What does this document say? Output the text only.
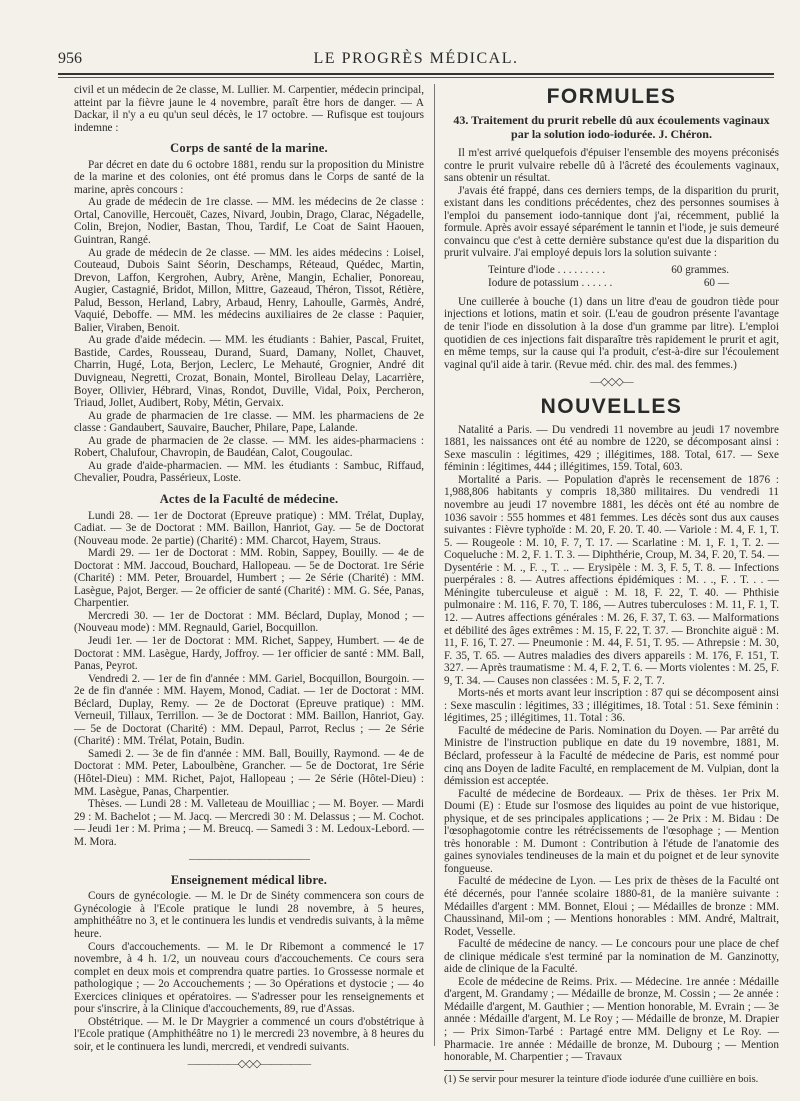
956	LE PROGRÈS MÉDICAL.

civil et un médecin de 2e classe, M. Lullier. M. Carpentier, médecin principal, atteint par la fièvre jaune le 4 novembre, paraît être hors de danger. — A Dackar, il n'y a eu qu'un seul décès, le 17 octobre. — Rufisque est toujours indemne :

Corps de santé de la marine.

Par décret en date du 6 octobre 1881, rendu sur la proposition du Ministre de la marine et des colonies, ont été promus dans le Corps de santé de la marine, après concours :

Au grade de médecin de 1re classe. — MM. les médecins de 2e classe : Ortal, Canoville, Hercouët, Cazes, Nivard, Joubin, Drago, Clarac, Négadelle, Colin, Brejon, Nodier, Bastan, Thou, Tardif, Le Coat de Saint Haouen, Guintran, Rangé.

Au grade de médecin de 2e classe. — MM. les aides médecins : Loisel, Couteaud, Dubois Saint Séorin, Deschamps, Réteaud, Quédec, Martin, Drevon, Laffon, Kergrohen, Aubry, Arène, Mangin, Echalier, Ponoreau, Augier, Castagnié, Bridot, Millon, Mittre, Gazeaud, Théron, Tissot, Rétière, Palud, Besson, Herland, Labry, Arbaud, Henry, Lahoulle, Garmès, André, Vaquié, Deboffe. — MM. les médecins auxiliaires de 2e classe : Paquier, Balier, Viraben, Benoit.

Au grade d'aide médecin. — MM. les étudiants : Bahier, Pascal, Fruitet, Bastide, Cardes, Rousseau, Durand, Suard, Damany, Nollet, Chauvet, Charrin, Hugé, Lota, Berjon, Leclerc, Le Mehauté, Grognier, André dit Duvigneau, Negretti, Crozat, Bonain, Montel, Birolleau Delay, Lacarrière, Boyer, Ollivier, Hébrard, Vinas, Rondot, Duville, Vidal, Poix, Percheron, Triaud, Jollet, Audibert, Roby, Métin, Gervaix.

Au grade de pharmacien de 1re classe. — MM. les pharmaciens de 2e classe : Gandaubert, Sauvaire, Baucher, Philare, Pape, Lalande.

Au grade de pharmacien de 2e classe. — MM. les aides-pharmaciens : Robert, Chalufour, Chavropin, de Baudéan, Calot, Cougoulac.

Au grade d'aide-pharmacien. — MM. les étudiants : Sambuc, Riffaud, Chevalier, Poudra, Passérieux, Loste.

Actes de la Faculté de médecine.

Lundi 28. — 1er de Doctorat (Epreuve pratique) : MM. Trélat, Duplay, Cadiat. — 3e de Doctorat : MM. Baillon, Hanriot, Gay. — 5e de Doctorat (Nouveau mode. 2e partie) (Charité) : MM. Charcot, Hayem, Straus.

Mardi 29. — 1er de Doctorat : MM. Robin, Sappey, Bouilly. — 4e de Doctorat : MM. Jaccoud, Bouchard, Hallopeau. — 5e de Doctorat. 1re Série (Charité) : MM. Peter, Brouardel, Humbert ; — 2e Série (Charité) : MM. Lasègue, Pajot, Berger. — 2e officier de santé (Charité) : MM. G. Sée, Panas, Charpentier.

Mercredi 30. — 1er de Doctorat : MM. Béclard, Duplay, Monod ; — (Nouveau mode) : MM. Regnauld, Gariel, Bocquillon.

Jeudi 1er. — 1er de Doctorat : MM. Richet, Sappey, Humbert. — 4e de Doctorat : MM. Lasègue, Hardy, Joffroy. — 1er officier de santé : MM. Ball, Panas, Peyrot.

Vendredi 2. — 1er de fin d'année : MM. Gariel, Bocquillon, Bourgoin. — 2e de fin d'année : MM. Hayem, Monod, Cadiat. — 1er de Doctorat : MM. Béclard, Duplay, Remy. — 2e de Doctorat (Epreuve pratique) : MM. Verneuil, Tillaux, Terrillon. — 3e de Doctorat : MM. Baillon, Hanriot, Gay. — 5e de Doctorat (Charité) : MM. Depaul, Parrot, Reclus ; — 2e Série (Charité) : MM. Trélat, Potain, Budin.

Samedi 2. — 3e de fin d'année : MM. Ball, Bouilly, Raymond. — 4e de Doctorat : MM. Peter, Laboulbène, Grancher. — 5e de Doctorat, 1re Série (Hôtel-Dieu) : MM. Richet, Pajot, Hallopeau ; — 2e Série (Hôtel-Dieu) : MM. Lasègue, Panas, Charpentier.

Thèses. — Lundi 28 : M. Valleteau de Mouilliac ; — M. Boyer. — Mardi 29 : M. Bachelot ; — M. Jacq. — Mercredi 30 : M. Delassus ; — M. Cochot. — Jeudi 1er : M. Prima ; — M. Breucq. — Samedi 3 : M. Ledoux-Lebord. — M. Mora.

————————————
Enseignement médical libre.

Cours de gynécologie. — M. le Dr de Sinéty commencera son cours de Gynécologie à l'Ecole pratique le lundi 28 novembre, à 5 heures, amphithéâtre no 3, et le continuera les lundis et vendredis suivants, à la même heure.

Cours d'accouchements. — M. le Dr Ribemont a commencé le 17 novembre, à 4 h. 1/2, un nouveau cours d'accouchements. Ce cours sera complet en deux mois et comprendra quatre parties. 1o Grossesse normale et pathologique ; — 2o Accouchements ; — 3o Opérations et dystocie ; — 4o Exercices cliniques et opératoires. — S'adresser pour les renseignements et pour s'inscrire, à la Clinique d'accouchements, 89, rue d'Assas.

Obstétrique. — M. le Dr Maygrier a commencé un cours d'obstétrique à l'Ecole pratique (Amphithéâtre no 1) le mercredi 23 novembre, à 8 heures du soir, et le continuera les lundi, mercredi, et vendredi suivants.

—————◇◇◇—————
FORMULES
43. Traitement du prurit rebelle dû aux écoulements vaginaux par la solution iodo-iodurée. J. Chéron.

Il m'est arrivé quelquefois d'épuiser l'ensemble des moyens préconisés contre le prurit vulvaire rebelle dû à l'âcreté des écoulements vaginaux, sans obtenir un résultat.

J'avais été frappé, dans ces derniers temps, de la disparition du prurit, existant dans les conditions précédentes, chez des personnes soumises à l'emploi du pansement iodo-tannique dont j'ai, récemment, publié la formule. Après avoir essayé séparément le tannin et l'iode, je suis demeuré convaincu que c'est à cette dernière substance qu'est due la disparition du prurit vulvaire. J'ai employé depuis lors la solution suivante :

Teinture d'iode . . . . . . . . .	60 grammes.
Iodure de potassium . . . . . .	60 —

Une cuillerée à bouche (1) dans un litre d'eau de goudron tiède pour injections et lotions, matin et soir. (L'eau de goudron présente l'avantage de tenir l'iode en dissolution à la dose d'un gramme par litre). L'emploi quotidien de ces injections fait disparaître très rapidement le prurit et agit, en même temps, sur la cause qui l'a produit, c'est-à-dire sur l'écoulement vaginal qu'il aide à tarir. (Revue méd. chir. des mal. des femmes.)

—◇◇◇—
NOUVELLES

Natalité a Paris. — Du vendredi 11 novembre au jeudi 17 novembre 1881, les naissances ont été au nombre de 1220, se décomposant ainsi : Sexe masculin : légitimes, 429 ; illégitimes, 188. Total, 617. — Sexe féminin : légitimes, 444 ; illégitimes, 159. Total, 603.

Mortalité a Paris. — Population d'après le recensement de 1876 : 1,988,806 habitants y compris 18,380 militaires. Du vendredi 11 novembre au jeudi 17 novembre 1881, les décès ont été au nombre de 1036 savoir : 555 hommes et 481 femmes. Les décès sont dus aux causes suivantes : Fièvre typhoïde : M. 20, F. 20. T. 40. — Variole : M. 4, F. 1, T. 5. — Rougeole : M. 10, F. 7, T. 17. — Scarlatine : M. 1, F. 1, T. 2. — Coqueluche : M. 2, F. 1. T. 3. — Diphthérie, Croup, M. 34, F. 20, T. 54. — Dysentérie : M. ., F. ., T. .. — Erysipèle : M. 3, F. 5, T. 8. — Infections puerpérales : 8. — Autres affections épidémiques : M. . ., F. . T. . . — Méningite tuberculeuse et aiguë : M. 18, F. 22, T. 40. — Phthisie pulmonaire : M. 116, F. 70, T. 186, — Autres tuberculoses : M. 11, F. 1, T. 12. — Autres affections générales : M. 26, F. 37, T. 63. — Malformations et débilité des âges extrêmes : M. 15, F. 22, T. 37. — Bronchite aiguë : M. 11, F. 16, T. 27. — Pneumonie : M. 44, F. 51, T. 95. — Athrepsie : M. 30, F. 35, T. 65. — Autres maladies des divers appareils : M. 176, F. 151, T. 327. — Après traumatisme : M. 4, F. 2, T. 6. — Morts violentes : M. 25, F. 9, T. 34. — Causes non classées : M. 5, F. 2, T. 7.

Morts-nés et morts avant leur inscription : 87 qui se décomposent ainsi : Sexe masculin : légitimes, 33 ; illégitimes, 18. Total : 51. Sexe féminin : légitimes, 25 ; illégitimes, 11. Total : 36.

Faculté de médecine de Paris. Nomination du Doyen. — Par arrêté du Ministre de l'instruction publique en date du 19 novembre, 1881, M. Béclard, professeur à la Faculté de médecine de Paris, est nommé pour cinq ans Doyen de ladite Faculté, en remplacement de M. Vulpian, dont la démission est acceptée.

Faculté de médecine de Bordeaux. — Prix de thèses. 1er Prix M. Doumi (E) : Etude sur l'osmose des liquides au point de vue historique, physique, et de ses principales applications ; — 2e Prix : M. Bidau : De l'œsophagotomie contre les rétrécissements de l'œsophage ; — Mention très honorable : M. Dumont : Contribution à l'étude de l'anatomie des gaines synoviales tendineuses de la main et du poignet et de leur synovite fongueuse.

Faculté de médecine de Lyon. — Les prix de thèses de la Faculté ont été décernés, pour l'année scolaire 1880-81, de la manière suivante : Médailles d'argent : MM. Bonnet, Eloui ; — Médailles de bronze : MM. Chaussinand, Mil-om ; — Mentions honorables : MM. André, Maltrait, Rodet, Vesselle.

Faculté de médecine de nancy. — Le concours pour une place de chef de clinique médicale s'est terminé par la nomination de M. Ganzinotty, aide de clinique de la Faculté.

Ecole de médecine de Reims. Prix. — Médecine. 1re année : Médaille d'argent, M. Grandamy ; — Médaille de bronze, M. Cossin ; — 2e année : Médaille d'argent, M. Gauthier ; — Mention honorable, M. Evrain ; — 3e année : Médaille d'argent, M. Le Roy ; — Médaille de bronze, M. Drapier ; — Prix Simon-Tarbé : Partagé entre MM. Deligny et Le Roy. — Pharmacie. 1re année : Médaille de bronze, M. Dubourg ; — Mention honorable, M. Charpentier ; — Travaux

(1) Se servir pour mesurer la teinture d'iode iodurée d'une cuillière en bois.
